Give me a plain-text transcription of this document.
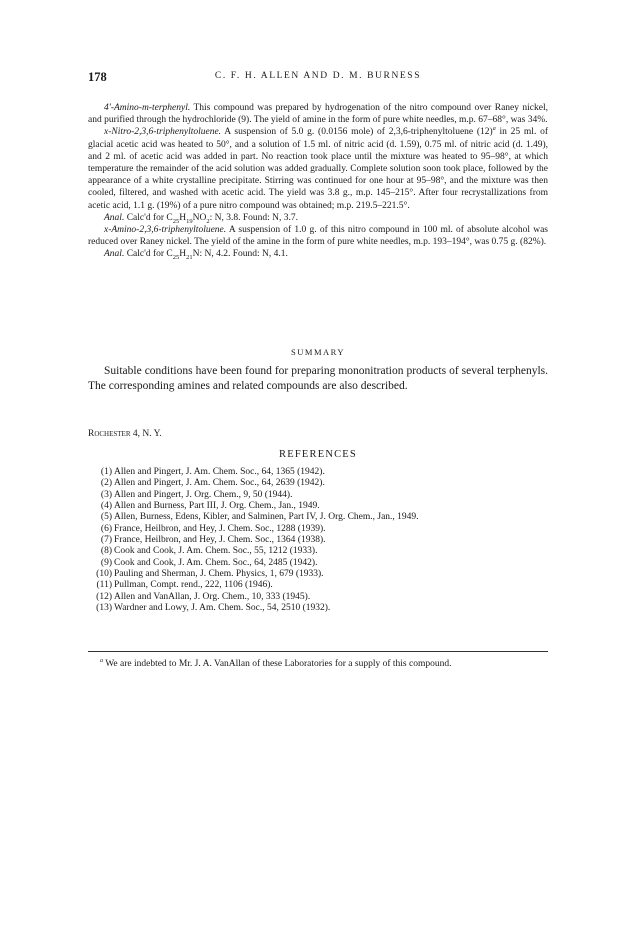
178	C. F. H. ALLEN AND D. M. BURNESS

4′-Amino-m-terphenyl. This compound was prepared by hydrogenation of the nitro compound over Raney nickel, and purified through the hydrochloride (9). The yield of amine in the form of pure white needles, m.p. 67–68°, was 34%.

x-Nitro-2,3,6-triphenyltoluene. A suspension of 5.0 g. (0.0156 mole) of 2,3,6-triphenyltoluene $(12)^a$ in 25 ml. of glacial acetic acid was heated to 50°, and a solution of 1.5 ml. of nitric acid (d. 1.59), 0.75 ml. of nitric acid (d. 1.49), and 2 ml. of acetic acid was added in part. No reaction took place until the mixture was heated to 95–98°, at which temperature the remainder of the acid solution was added gradually. Complete solution soon took place, followed by the appearance of a white crystalline precipitate. Stirring was continued for one hour at 95–98°, and the mixture was then cooled, filtered, and washed with acetic acid. The yield was 3.8 g., m.p. 145–215°. After four recrystallizations from acetic acid, 1.1 g. (19%) of a pure nitro compound was obtained; m.p. 219.5–221.5°.

Anal. Calc'd for $C_{25}H_{19}NO_2$: N, 3.8. Found: N, 3.7.

x-Amino-2,3,6-triphenyltoluene. A suspension of 1.0 g. of this nitro compound in 100 ml. of absolute alcohol was reduced over Raney nickel. The yield of the amine in the form of pure white needles, m.p. 193–194°, was 0.75 g. (82%).

Anal. Calc'd for $C_{25}H_{21}N$: N, 4.2. Found: N, 4.1.

SUMMARY

Suitable conditions have been found for preparing mononitration products of several terphenyls. The corresponding amines and related compounds are also described.

Rochester 4, N. Y.
REFERENCES
(1) Allen and Pingert, J. Am. Chem. Soc., 64, 1365 (1942).
(2) Allen and Pingert, J. Am. Chem. Soc., 64, 2639 (1942).
(3) Allen and Pingert, J. Org. Chem., 9, 50 (1944).
(4) Allen and Burness, Part III, J. Org. Chem., Jan., 1949.
(5) Allen, Burness, Edens, Kibler, and Salminen, Part IV, J. Org. Chem., Jan., 1949.
(6) France, Heilbron, and Hey, J. Chem. Soc., 1288 (1939).
(7) France, Heilbron, and Hey, J. Chem. Soc., 1364 (1938).
(8) Cook and Cook, J. Am. Chem. Soc., 55, 1212 (1933).
(9) Cook and Cook, J. Am. Chem. Soc., 64, 2485 (1942).
(10) Pauling and Sherman, J. Chem. Physics, 1, 679 (1933).
(11) Pullman, Compt. rend., 222, 1106 (1946).
(12) Allen and VanAllan, J. Org. Chem., 10, 333 (1945).
(13) Wardner and Lowy, J. Am. Chem. Soc., 54, 2510 (1932).

$^a$ We are indebted to Mr. J. A. VanAllan of these Laboratories for a supply of this compound.
